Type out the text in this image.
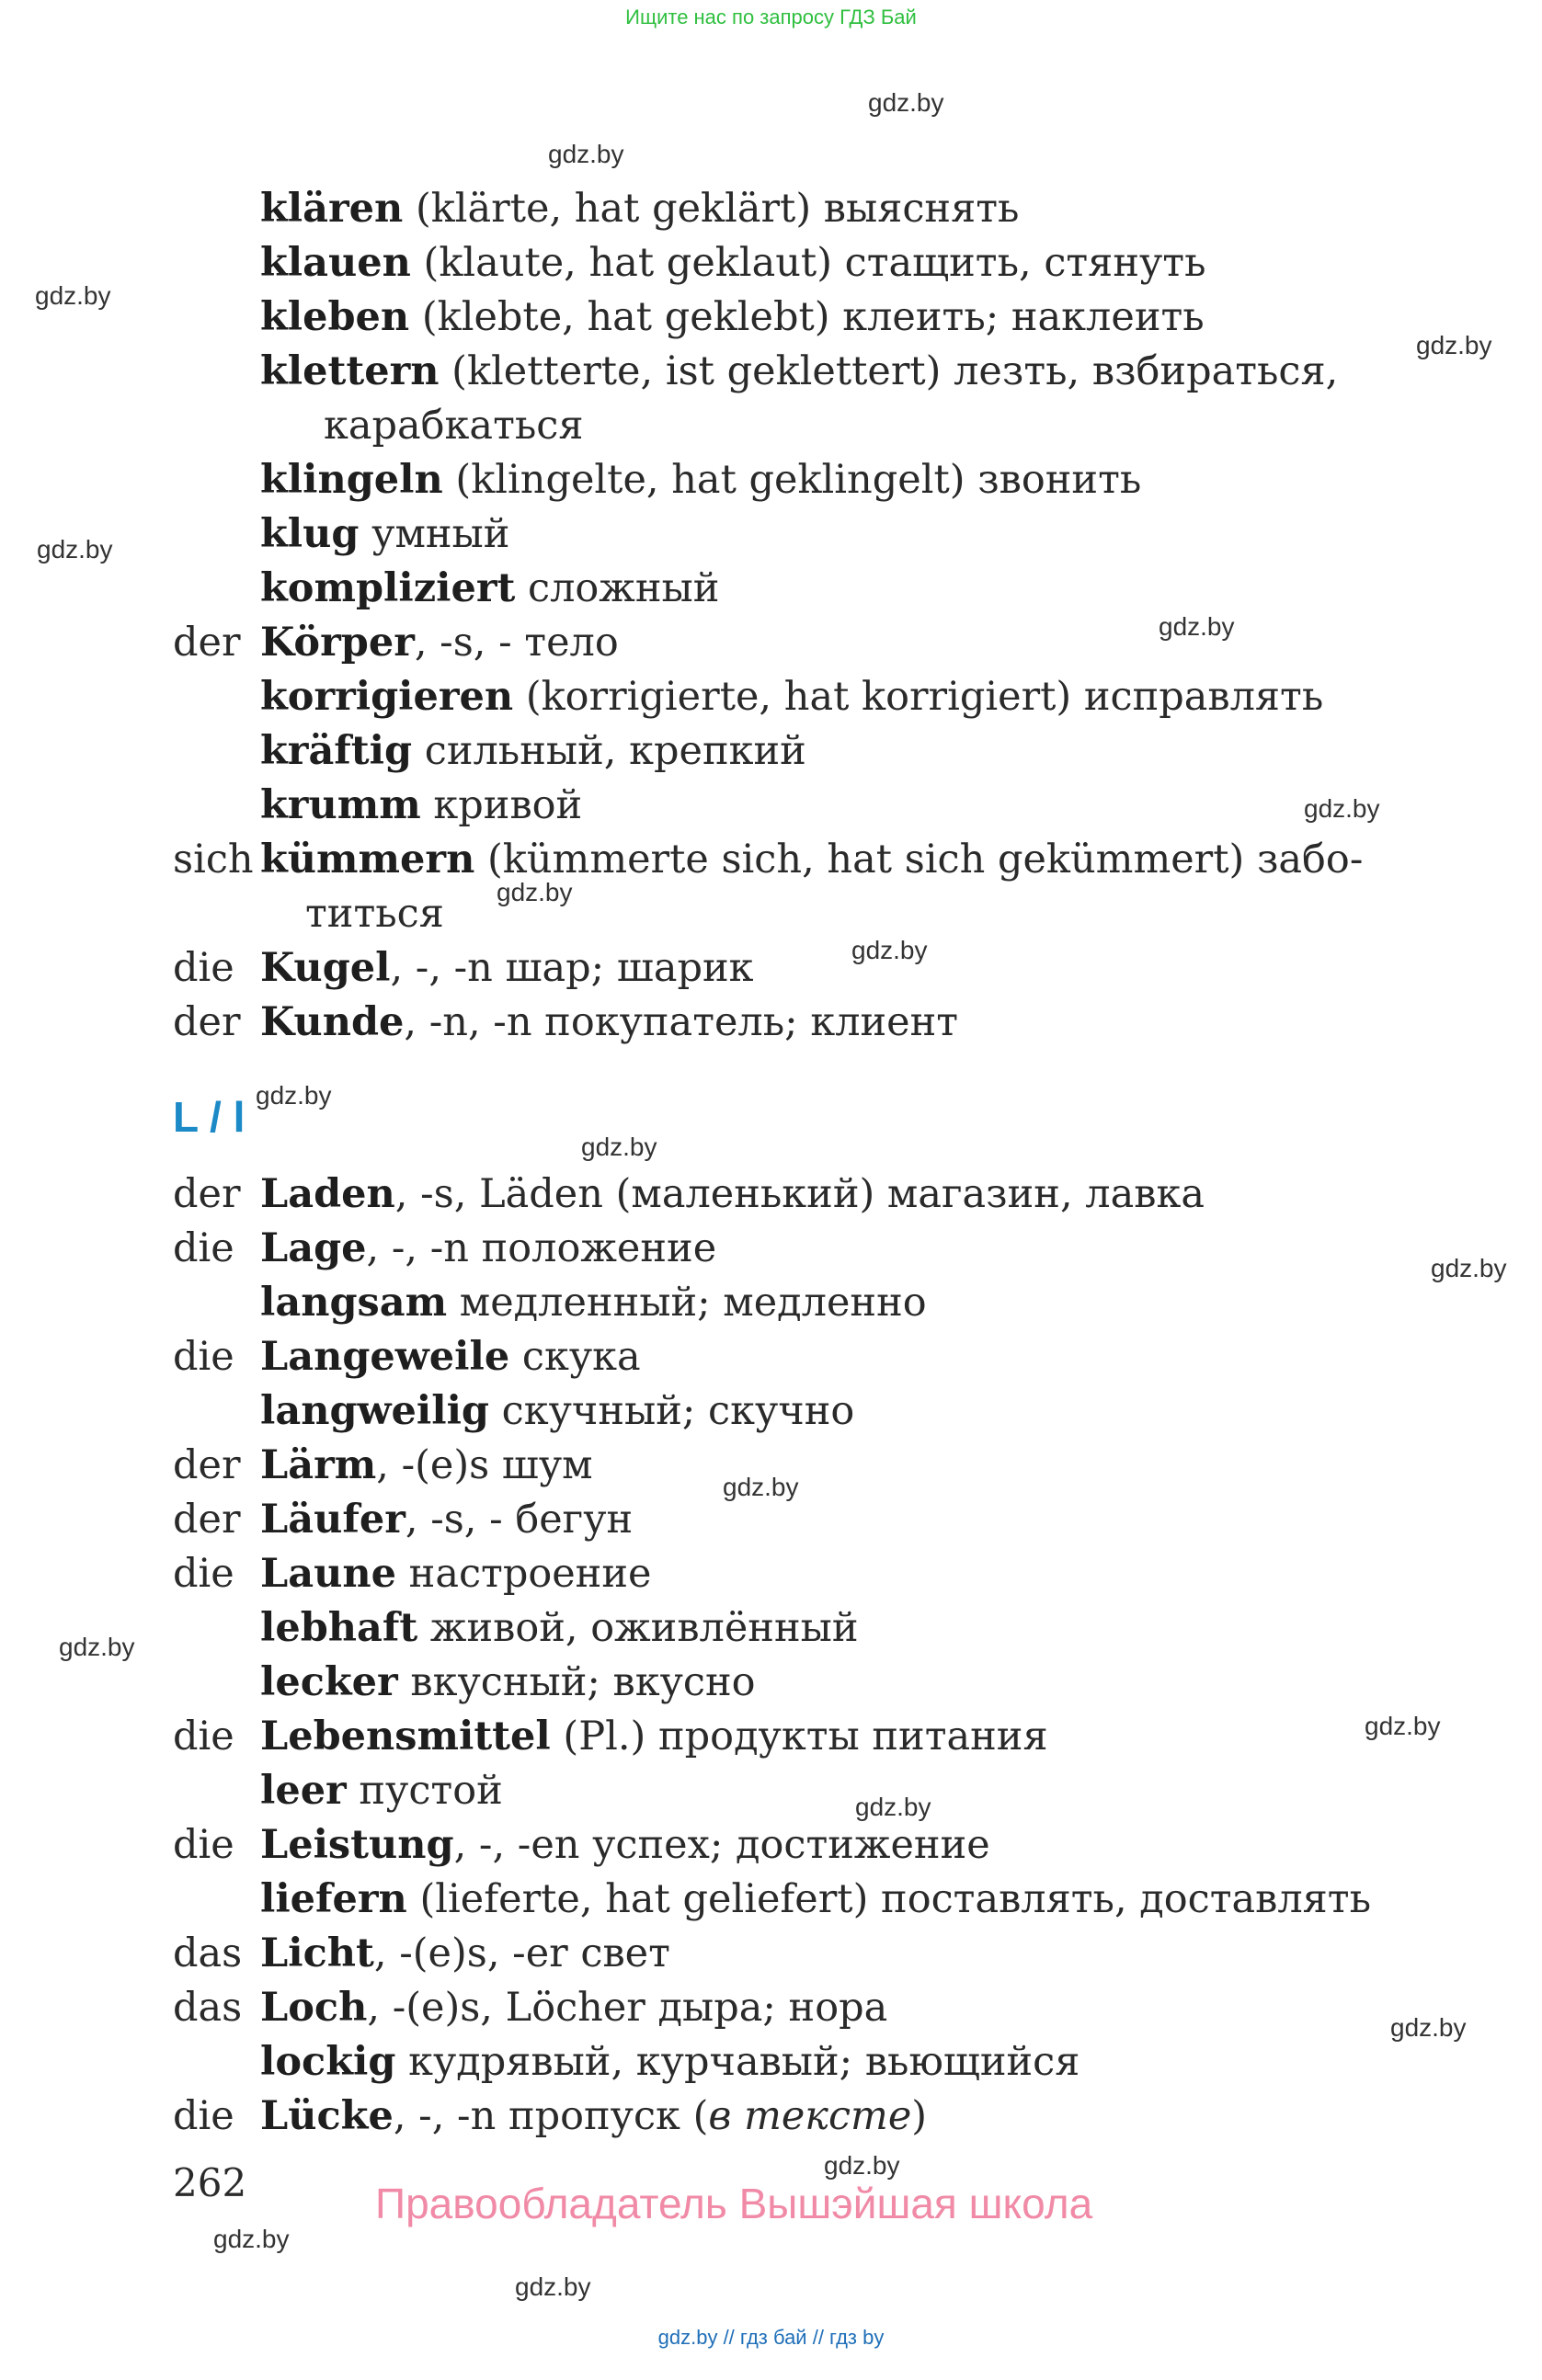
Ищите нас по запросу ГДЗ Бай
gdz.by
gdz.by
gdz.by
gdz.by
gdz.by
gdz.by
gdz.by
gdz.by
gdz.by
gdz.by
gdz.by
gdz.by
gdz.by
gdz.by
gdz.by
gdz.by
gdz.by
gdz.by
gdz.by
gdz.by
klären (klärte, hat geklärt) выяснять
klauen (klaute, hat geklaut) стащить, стянуть
kleben (klebte, hat geklebt) клеить; наклеить
klettern (kletterte, ist geklettert) лезть, взбираться,
карабкаться
klingeln (klingelte, hat geklingelt) звонить
klug умный
kompliziert сложный
der Körper, -s, - тело
korrigieren (korrigierte, hat korrigiert) исправлять
kräftig сильный, крепкий
krumm кривой
sich kümmern (kümmerte sich, hat sich gekümmert) забо-
титься
die Kugel, -, -n шар; шарик
der Kunde, -n, -n покупатель; клиент
L / l
der Laden, -s, Läden (маленький) магазин, лавка
die Lage, -, -n положение
langsam медленный; медленно
die Langeweile скука
langweilig скучный; скучно
der Lärm, -(e)s шум
der Läufer, -s, - бегун
die Laune настроение
lebhaft живой, оживлённый
lecker вкусный; вкусно
die Lebensmittel (Pl.) продукты питания
leer пустой
die Leistung, -, -en успех; достижение
liefern (lieferte, hat geliefert) поставлять, доставлять
das Licht, -(e)s, -er свет
das Loch, -(e)s, Löcher дыра; нора
lockig кудрявый, курчавый; вьющийся
die Lücke, -, -n пропуск (в тексте)
262	Правообладатель Вышэйшая школа
gdz.by // гдз бай // гдз by
